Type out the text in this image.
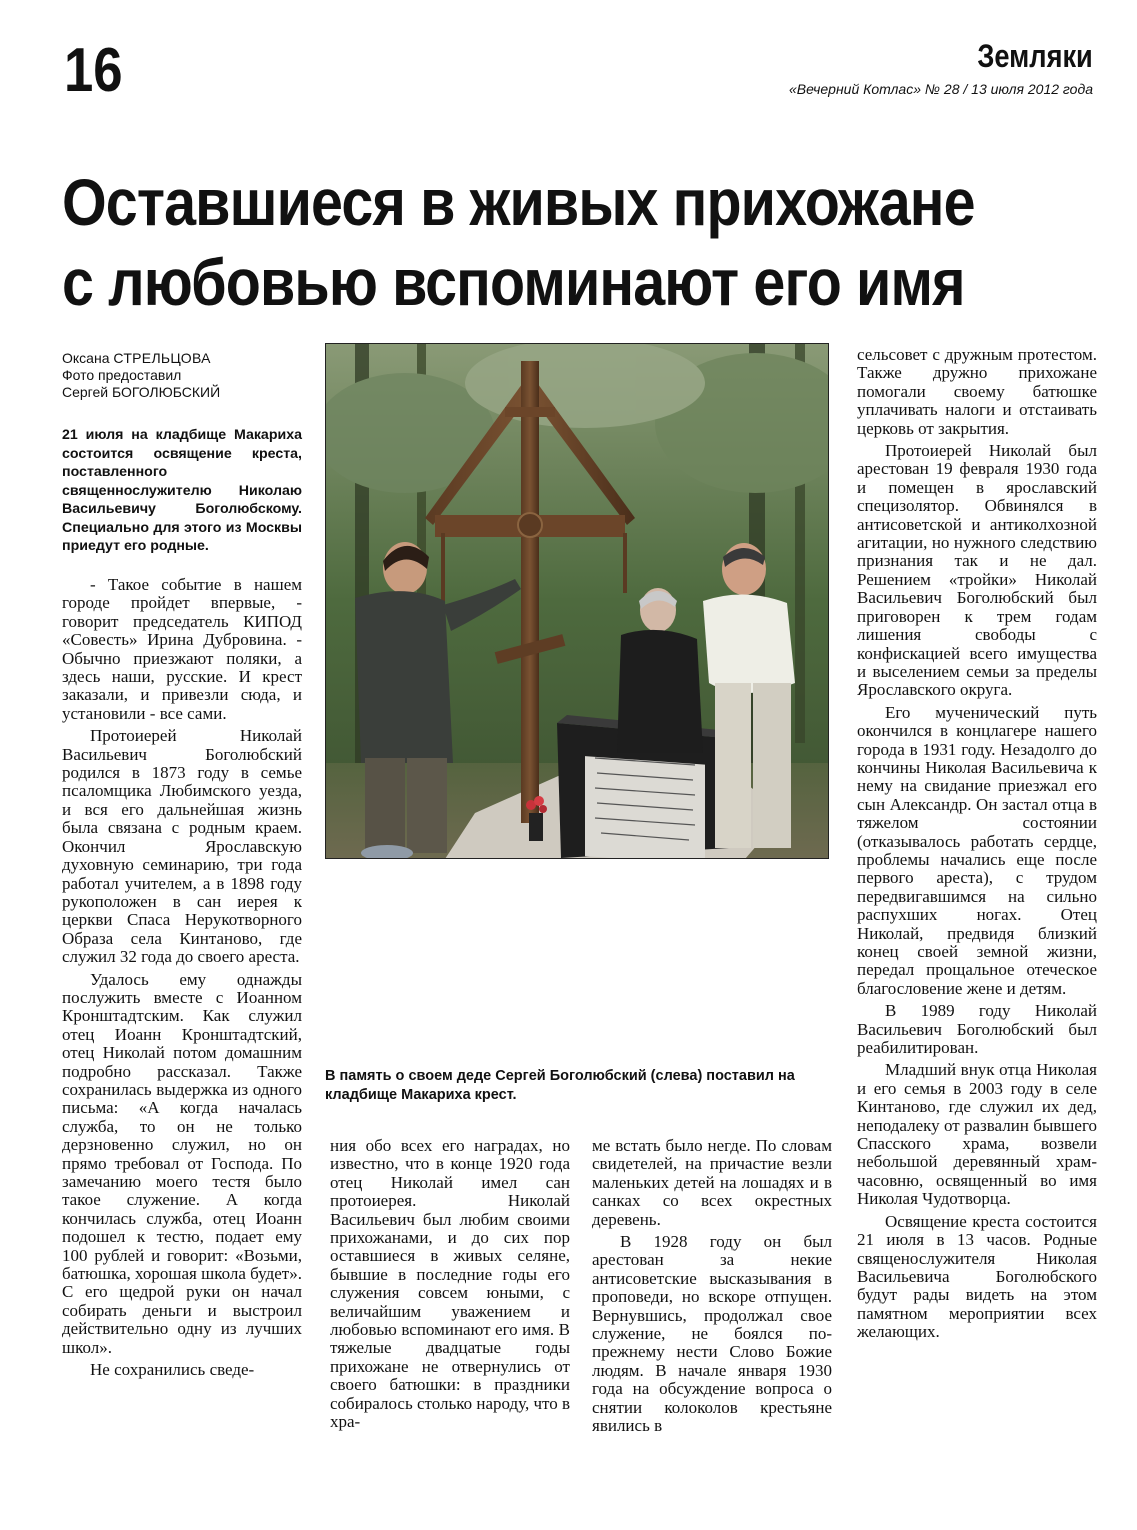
16	Земляки
«Вечерний Котлас» № 28 / 13 июля 2012 года
Оставшиеся в живых прихожане
с любовью вспоминают его имя
Оксана СТРЕЛЬЦОВА
Фото предоставил
Сергей БОГОЛЮБСКИЙ
21 июля на кладбище Макариха состоится освящение креста, поставленного священнослужителю Николаю Васильевичу Боголюбскому. Специально для этого из Москвы приедут его родные.

- Такое событие в нашем городе пройдет впервые, - говорит председатель КИПОД «Совесть» Ирина Дубровина. - Обычно приезжают поляки, а здесь наши, русские. И крест заказали, и привезли сюда, и установили - все сами.

Протоиерей Николай Васильевич Боголюбский родился в 1873 году в семье псаломщика Любимского уезда, и вся его дальнейшая жизнь была связана с родным краем. Окончил Ярославскую духовную семинарию, три года работал учителем, а в 1898 году рукоположен в сан иерея к церкви Спаса Нерукотворного Образа села Кинтаново, где служил 32 года до своего ареста.

Удалось ему однажды послужить вместе с Иоанном Кронштадтским. Как служил отец Иоанн Кронштадтский, отец Николай потом домашним подробно рассказал. Также сохранилась выдержка из одного письма: «А когда началась служба, то он не только дерзновенно служил, но он прямо требовал от Господа. По замечанию моего тестя было такое служение. А когда кончилась служба, отец Иоанн подошел к тестю, подает ему 100 рублей и говорит: «Возьми, батюшка, хорошая школа будет». С его щедрой руки он начал собирать деньги и выстроил действительно одну из лучших школ».

Не сохранились сведе-

ния обо всех его наградах, но известно, что в конце 1920 года отец Николай имел сан протоиерея. Николай Васильевич был любим своими прихожанами, и до сих пор оставшиеся в живых селяне, бывшие в последние годы его служения совсем юными, с величайшим уважением и любовью вспоминают его имя. В тяжелые двадцатые годы прихожане не отвернулись от своего батюшки: в праздники собиралось столько народу, что в хра-

ме встать было негде. По словам свидетелей, на причастие везли маленьких детей на лошадях и в санках со всех окрестных деревень.

В 1928 году он был арестован за некие антисоветские высказывания в проповеди, но вскоре отпущен. Вернувшись, продолжал свое служение, не боялся по-прежнему нести Слово Божие людям. В начале января 1930 года на обсуждение вопроса о снятии колоколов крестьяне явились в

сельсовет с дружным протестом. Также дружно прихожане помогали своему батюшке уплачивать налоги и отстаивать церковь от закрытия.

Протоиерей Николай был арестован 19 февраля 1930 года и помещен в ярославский специзолятор. Обвинялся в антисоветской и антиколхозной агитации, но нужного следствию признания так и не дал. Решением «тройки» Николай Васильевич Боголюбский был приговорен к трем годам лишения свободы с конфискацией всего имущества и выселением семьи за пределы Ярославского округа.

Его мученический путь окончился в концлагере нашего города в 1931 году. Незадолго до кончины Николая Васильевича к нему на свидание приезжал его сын Александр. Он застал отца в тяжелом состоянии (отказывалось работать сердце, проблемы начались еще после первого ареста), с трудом передвигавшимся на сильно распухших ногах. Отец Николай, предвидя близкий конец своей земной жизни, передал прощальное отеческое благословение жене и детям.

В 1989 году Николай Васильевич Боголюбский был реабилитирован.

Младший внук отца Николая и его семья в 2003 году в селе Кинтаново, где служил их дед, неподалеку от развалин бывшего Спасского храма, возвели небольшой деревянный храм-часовню, освященный во имя Николая Чудотворца.

Освящение креста состоится 21 июля в 13 часов. Родные священослужителя Николая Васильевича Боголюбского будут рады видеть на этом памятном мероприятии всех желающих.

В память о своем деде Сергей Боголюбский (слева) поставил на кладбище Макариха крест.
